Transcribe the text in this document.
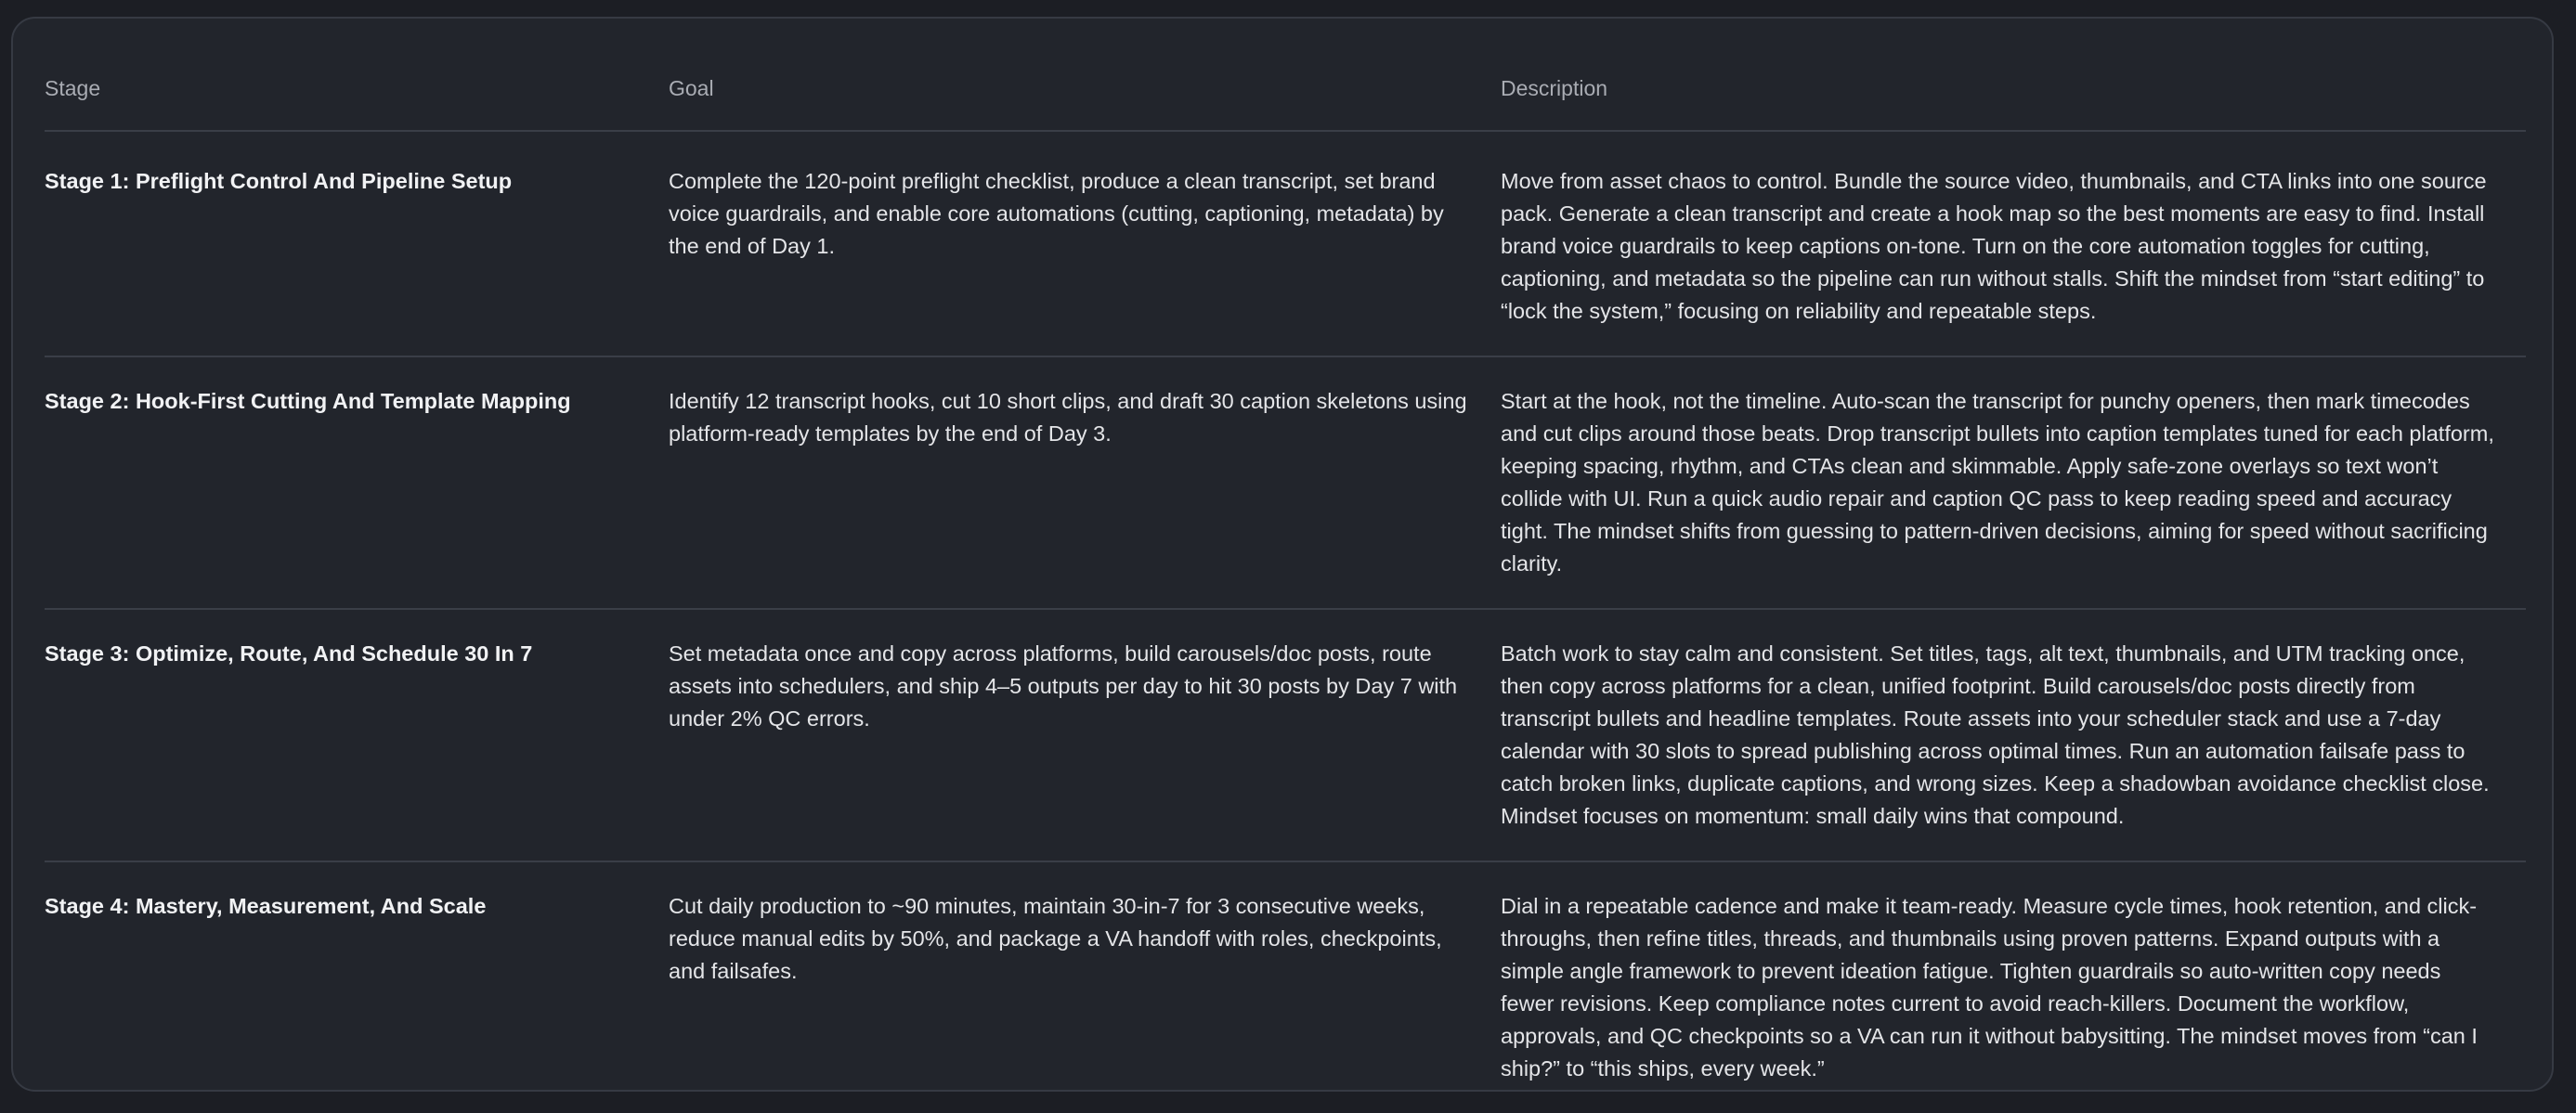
Stage	Goal	Description
Stage 1: Preflight Control And Pipeline Setup	Complete the 120-point preflight checklist, produce a clean transcript, set brand voice guardrails, and enable core automations (cutting, captioning, metadata) by the end of Day 1.	Move from asset chaos to control. Bundle the source video, thumbnails, and CTA links into one source pack. Generate a clean transcript and create a hook map so the best moments are easy to find. Install brand voice guardrails to keep captions on-tone. Turn on the core automation toggles for cutting, captioning, and metadata so the pipeline can run without stalls. Shift the mindset from “start editing” to “lock the system,” focusing on reliability and repeatable steps.
Stage 2: Hook-First Cutting And Template Mapping	Identify 12 transcript hooks, cut 10 short clips, and draft 30 caption skeletons using platform-ready templates by the end of Day 3.	Start at the hook, not the timeline. Auto-scan the transcript for punchy openers, then mark timecodes and cut clips around those beats. Drop transcript bullets into caption templates tuned for each platform, keeping spacing, rhythm, and CTAs clean and skimmable. Apply safe-zone overlays so text won’t collide with UI. Run a quick audio repair and caption QC pass to keep reading speed and accuracy tight. The mindset shifts from guessing to pattern-driven decisions, aiming for speed without sacrificing clarity.
Stage 3: Optimize, Route, And Schedule 30 In 7	Set metadata once and copy across platforms, build carousels/doc posts, route assets into schedulers, and ship 4–5 outputs per day to hit 30 posts by Day 7 with under 2% QC errors.	Batch work to stay calm and consistent. Set titles, tags, alt text, thumbnails, and UTM tracking once, then copy across platforms for a clean, unified footprint. Build carousels/doc posts directly from transcript bullets and headline templates. Route assets into your scheduler stack and use a 7-day calendar with 30 slots to spread publishing across optimal times. Run an automation failsafe pass to catch broken links, duplicate captions, and wrong sizes. Keep a shadowban avoidance checklist close. Mindset focuses on momentum: small daily wins that compound.
Stage 4: Mastery, Measurement, And Scale	Cut daily production to ~90 minutes, maintain 30-in-7 for 3 consecutive weeks, reduce manual edits by 50%, and package a VA handoff with roles, checkpoints, and failsafes.	Dial in a repeatable cadence and make it team-ready. Measure cycle times, hook retention, and click-throughs, then refine titles, threads, and thumbnails using proven patterns. Expand outputs with a simple angle framework to prevent ideation fatigue. Tighten guardrails so auto-written copy needs fewer revisions. Keep compliance notes current to avoid reach-killers. Document the workflow, approvals, and QC checkpoints so a VA can run it without babysitting. The mindset moves from “can I ship?” to “this ships, every week.”
